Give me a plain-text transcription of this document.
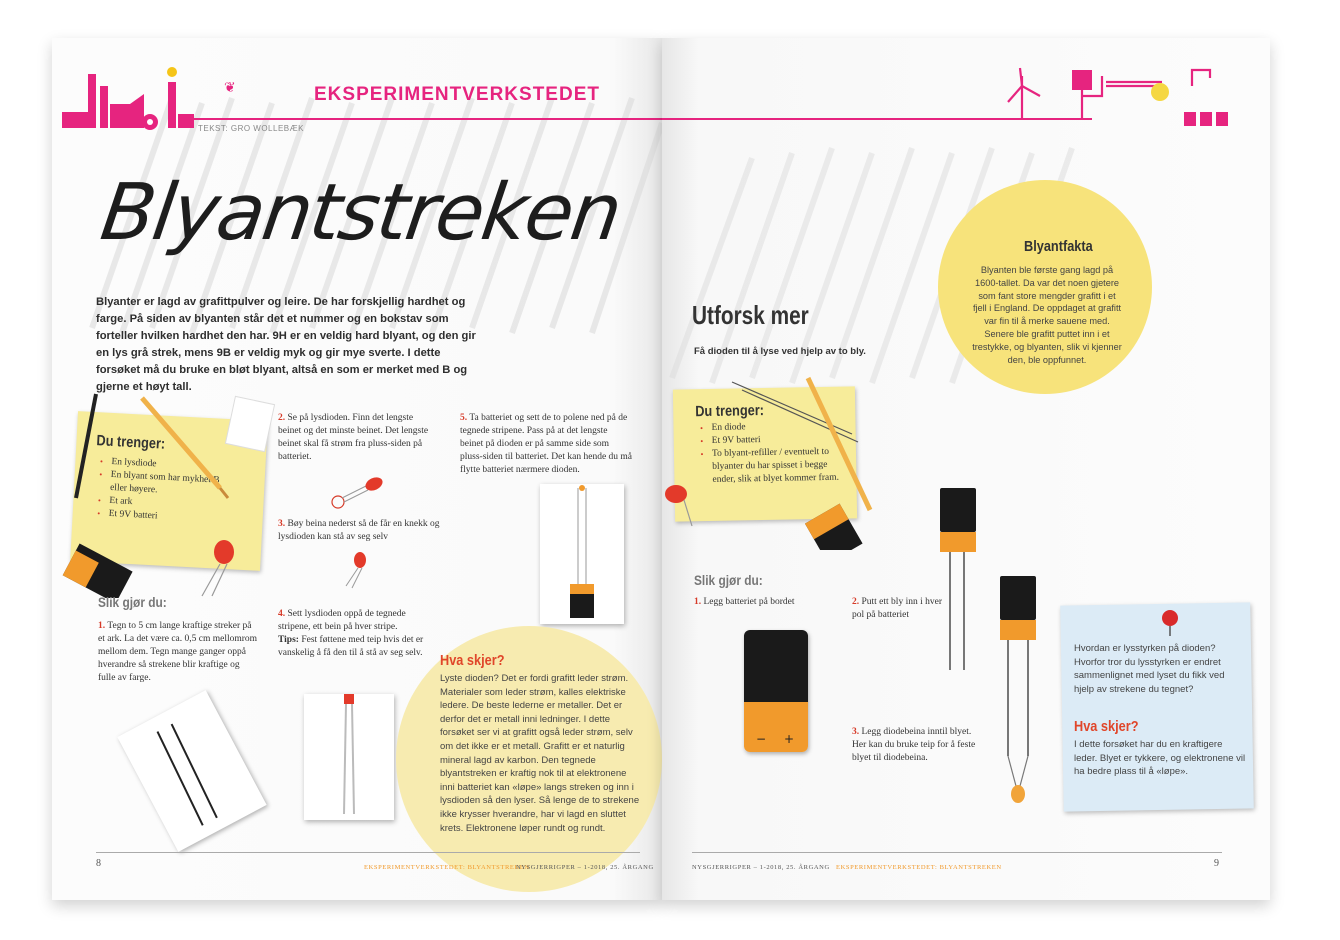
❦	EKSPERIMENTVERKSTEDET
TEKST: GRO WOLLEBÆK
Blyantstreken
Blyanter er lagd av grafittpulver og leire. De har forskjellig hardhet og farge. På siden av blyanten står det et nummer og en bokstav som forteller hvilken hardhet den har. 9H er en veldig hard blyant, og den gir en lys grå strek, mens 9B er veldig myk og gir mye sverte. I dette forsøket må du bruke en bløt blyant, altså en som er merket med B og gjerne et høyt tall.
Du trenger:
• En lysdiode
• En blyant som har mykhet B eller høyere.
• Et ark
• Et 9V batteri
Slik gjør du:
1. Tegn to 5 cm lange kraftige streker på et ark. La det være ca. 0,5 cm mellomrom mellom dem. Tegn mange ganger oppå hverandre så strekene blir kraftige og fulle av farge.
2. Se på lysdioden. Finn det lengste beinet og det minste beinet. Det lengste beinet skal få strøm fra pluss-siden på batteriet.
3. Bøy beina nederst så de får en knekk og lysdioden kan stå av seg selv
4. Sett lysdioden oppå de tegnede stripene, ett bein på hver stripe.
Tips: Fest føttene med teip hvis det er vanskelig å få den til å stå av seg selv.
5. Ta batteriet og sett de to polene ned på de tegnede stripene. Pass på at det lengste beinet på dioden er på samme side som pluss-siden til batteriet. Det kan hende du må flytte batteriet nærmere dioden.
Hva skjer?
Lyste dioden? Det er fordi grafitt leder strøm. Materialer som leder strøm, kalles elektriske ledere. De beste lederne er metaller. Det er derfor det er metall inni ledninger. I dette forsøket ser vi at grafitt også leder strøm, selv om det ikke er et metall. Grafitt er et naturlig mineral lagd av karbon. Den tegnede blyantstreken er kraftig nok til at elektronene inni batteriet kan «løpe» langs streken og inn i lysdioden så den lyser. Så lenge de to strekene ikke krysser hverandre, har vi lagd en sluttet krets. Elektronene løper rundt og rundt.
8	EKSPERIMENTVERKSTEDET: BLYANTSTREKEN
NYSGJERRIGPER – 1-2018, 25. ÅRGANG
Blyantfakta
Blyanten ble første gang lagd på 1600-tallet. Da var det noen gjetere som fant store mengder grafitt i et fjell i England. De oppdaget at grafitt var fin til å merke sauene med. Senere ble grafitt puttet inn i et trestykke, og blyanten, slik vi kjenner den, ble oppfunnet.
Utforsk mer
Få dioden til å lyse ved hjelp av to bly.
Du trenger:
• En diode
• Et 9V batteri
• To blyant-refiller / eventuelt to blyanter du har spisset i begge ender, slik at blyet kommer fram.
Slik gjør du:
1. Legg batteriet på bordet	2. Putt ett bly inn i hver pol på batteriet
3. Legg diodebeina inntil blyet. Her kan du bruke teip for å feste blyet til diodebeina.
− +
Hvordan er lysstyrken på dioden? Hvorfor tror du lysstyrken er endret sammenlignet med lyset du fikk ved hjelp av strekene du tegnet?
Hva skjer?
I dette forsøket har du en kraftigere leder. Blyet er tykkere, og elektronene vil ha bedre plass til å «løpe».
NYSGJERRIGPER – 1-2018, 25. ÅRGANG EKSPERIMENTVERKSTEDET: BLYANTSTREKEN	9
